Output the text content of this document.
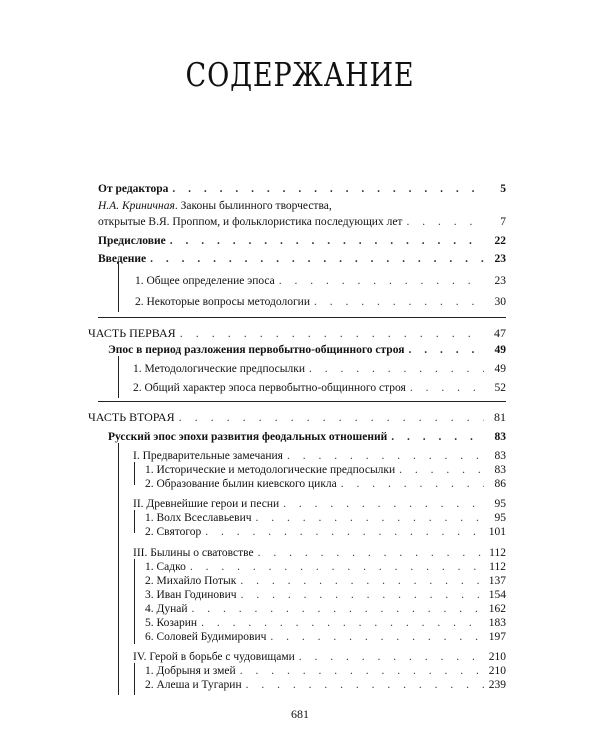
СОДЕРЖАНИЕ
От редактора . . .	5
Н.А. Криничная. Законы былинного творчества,
открытые В.Я. Проппом, и фольклористика последующих лет . . .	7
Предисловие . . .	22
Введение . . .	23
1. Общее определение эпоса . . .	23
2. Некоторые вопросы методологии . . .	30
ЧАСТЬ ПЕРВАЯ . . .	47
Эпос в период разложения первобытно-общинного строя . . .	49
1. Методологические предпосылки . . .	49
2. Общий характер эпоса первобытно-общинного строя . . .	52
ЧАСТЬ ВТОРАЯ . . .	81
Русский эпос эпохи развития феодальных отношений . . .	83
I. Предварительные замечания . . .	83
1. Исторические и методологические предпосылки . . .	83
2. Образование былин киевского цикла . . .	86
II. Древнейшие герои и песни . . .	95
1. Волх Всеславьевич . . .	95
2. Святогор . . .	101
III. Былины о сватовстве . . .	112
1. Садко . . .	112
2. Михайло Потык . . .	137
3. Иван Годинович . . .	154
4. Дунай . . .	162
5. Козарин . . .	183
6. Соловей Будимирович . . .	197
IV. Герой в борьбе с чудовищами . . .	210
1. Добрыня и змей . . .	210
2. Алеша и Тугарин . . .	239
681
